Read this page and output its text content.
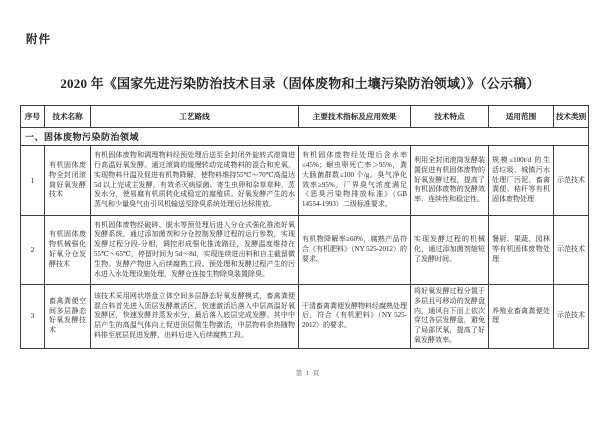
附件
2020 年《国家先进污染防治技术目录（固体废物和土壤污染防治领域）》（公示稿）
序号	技术名称	工艺路线	主要技术指标及应用效果	技术特点	适用范围	技术类别
一、固体废物污染防治领域						
1	有机固体废物全封闭滚筒好氧发酵技术	有机固体废物和调理物料经预处理后送至全封闭外旋转式滚筒进行高温好氧发酵。通过滚筒的缓慢转动完成物料的混合和充氧，实现物料升温及促进有机物降解，使物料维持55℃～70℃高温达 5d 以上完成主发酵，有效杀灭病原菌、寄生虫卵和杂草草种，蒸发水分，使易腐有机质转化成稳定的腐殖质。好氧发酵产生的水蒸气和少量臭气由引风机输送至除臭系统处理后达标排放。	有机固体废物经处理后含水率≤45%；蛔虫卵死亡率＞95%，粪大肠菌群数≤100 个/g。臭气净化效率≥95%，厂界臭气浓度满足《恶臭污染物排放标准》（GB 14554-1993）二级标准要求。	利用全封闭滚筒发酵装置促进有机固体废物的好氧发酵过程，提高了有机固体废物的发酵效率、连续性和稳定性。	规模≤100t/d 的生活垃圾、城镇污水处理厂污泥、畜禽粪便、秸秆等有机固体废物处理	示范技术
2	有机固体废物机械强化好氧分仓发酵技术	有机固体废物经破碎、脱水等预处理后进入分仓式强化推流好氧发酵系统，通过添加菌剂和分仓控制发酵过程的运行参数，实现发酵过程分段-分相，调控形成强化推流路径，发酵温度维持在 55℃～65℃，停留时间为 5d～8d，实现连续进出料和自主截留微生物。发酵产物进入后续腐熟工段。预处理和发酵过程产生的污水进入水处理设施处理，发酵仓连接生物除臭装置除臭。	有机物降解率≥60%，腐熟产品符合《有机肥料》（NY 525-2012）的要求。	实现发酵过程的机械化，通过添加菌剂缩短了发酵时间。	餐厨、果蔬、园林等有机固体废物处理	示范技术
3	畜禽粪便空间多层静态好氧发酵技术	该技术采用网状塔盘立体空间多层静态好氧发酵模式，畜禽粪便混合料首先进入顶层发酵激活区，快速激活后落入中层高温好氧发酵区，快速发酵并蒸发水分，最后落入底层完成发酵。其中中层产生的高温气体向上促进顶层微生物激活，中层物料余热随物料排至底层促进发酵，出料后进入后续腐熟工段。	干清畜禽粪便发酵物料经腐熟处理后，符合《有机肥料》（NY 525-2012）的要求。	将好氧发酵过程分置于多层且可移动的发酵盘内，通风自下而上依次穿过各层发酵盘，避免了局部厌氧，提高了好氧发酵效率。	养殖业畜禽粪便处理	示范技术
第 1 页
